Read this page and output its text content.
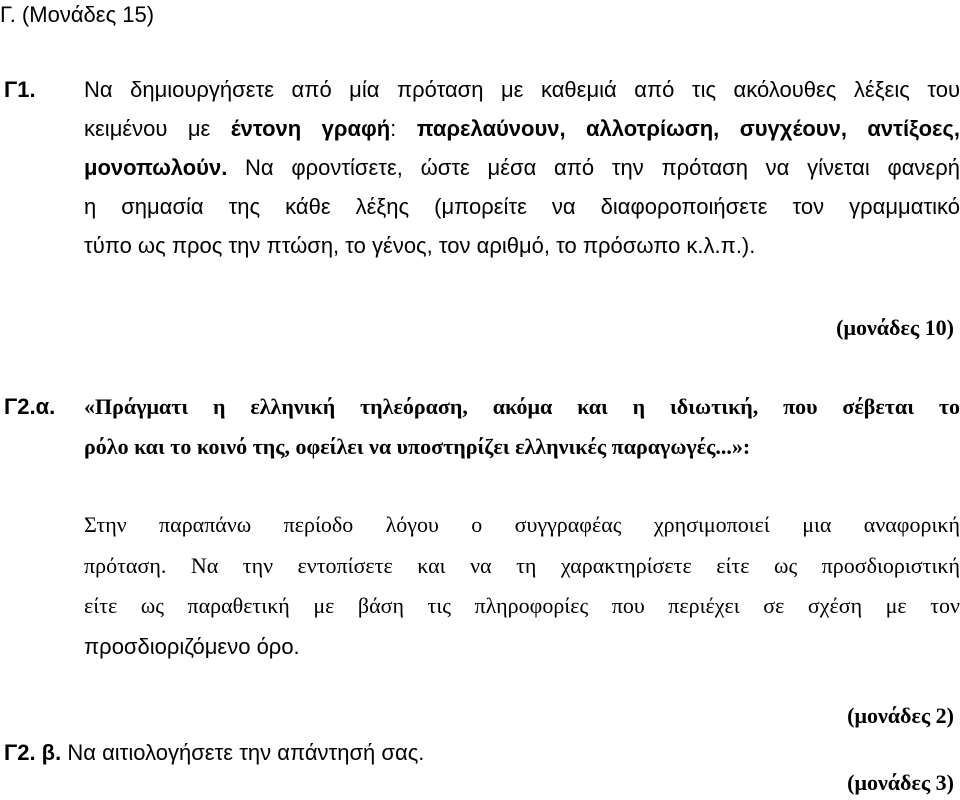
Γ. (Μονάδες 15)
Γ1. Να δημιουργήσετε από μία πρόταση με καθεμιά από τις ακόλουθες λέξεις του
κειμένου με έντονη γραφή: παρελαύνουν, αλλοτρίωση, συγχέουν, αντίξοες,
μονοπωλούν. Να φροντίσετε, ώστε μέσα από την πρόταση να γίνεται φανερή
η σημασία της κάθε λέξης (μπορείτε να διαφοροποιήσετε τον γραμματικό
τύπο ως προς την πτώση, το γένος, τον αριθμό, το πρόσωπο κ.λ.π.).
(μονάδες 10)
Γ2.α. «Πράγματι η ελληνική τηλεόραση, ακόμα και η ιδιωτική, που σέβεται το
ρόλο και το κοινό της, οφείλει να υποστηρίζει ελληνικές παραγωγές...»:
Στην παραπάνω περίοδο λόγου ο συγγραφέας χρησιμοποιεί μια αναφορική
πρόταση. Να την εντοπίσετε και να τη χαρακτηρίσετε είτε ως προσδιοριστική
είτε ως παραθετική με βάση τις πληροφορίες που περιέχει σε σχέση με τον
προσδιοριζόμενο όρο.
(μονάδες 2)
Γ2. β. Να αιτιολογήσετε την απάντησή σας.
(μονάδες 3)
